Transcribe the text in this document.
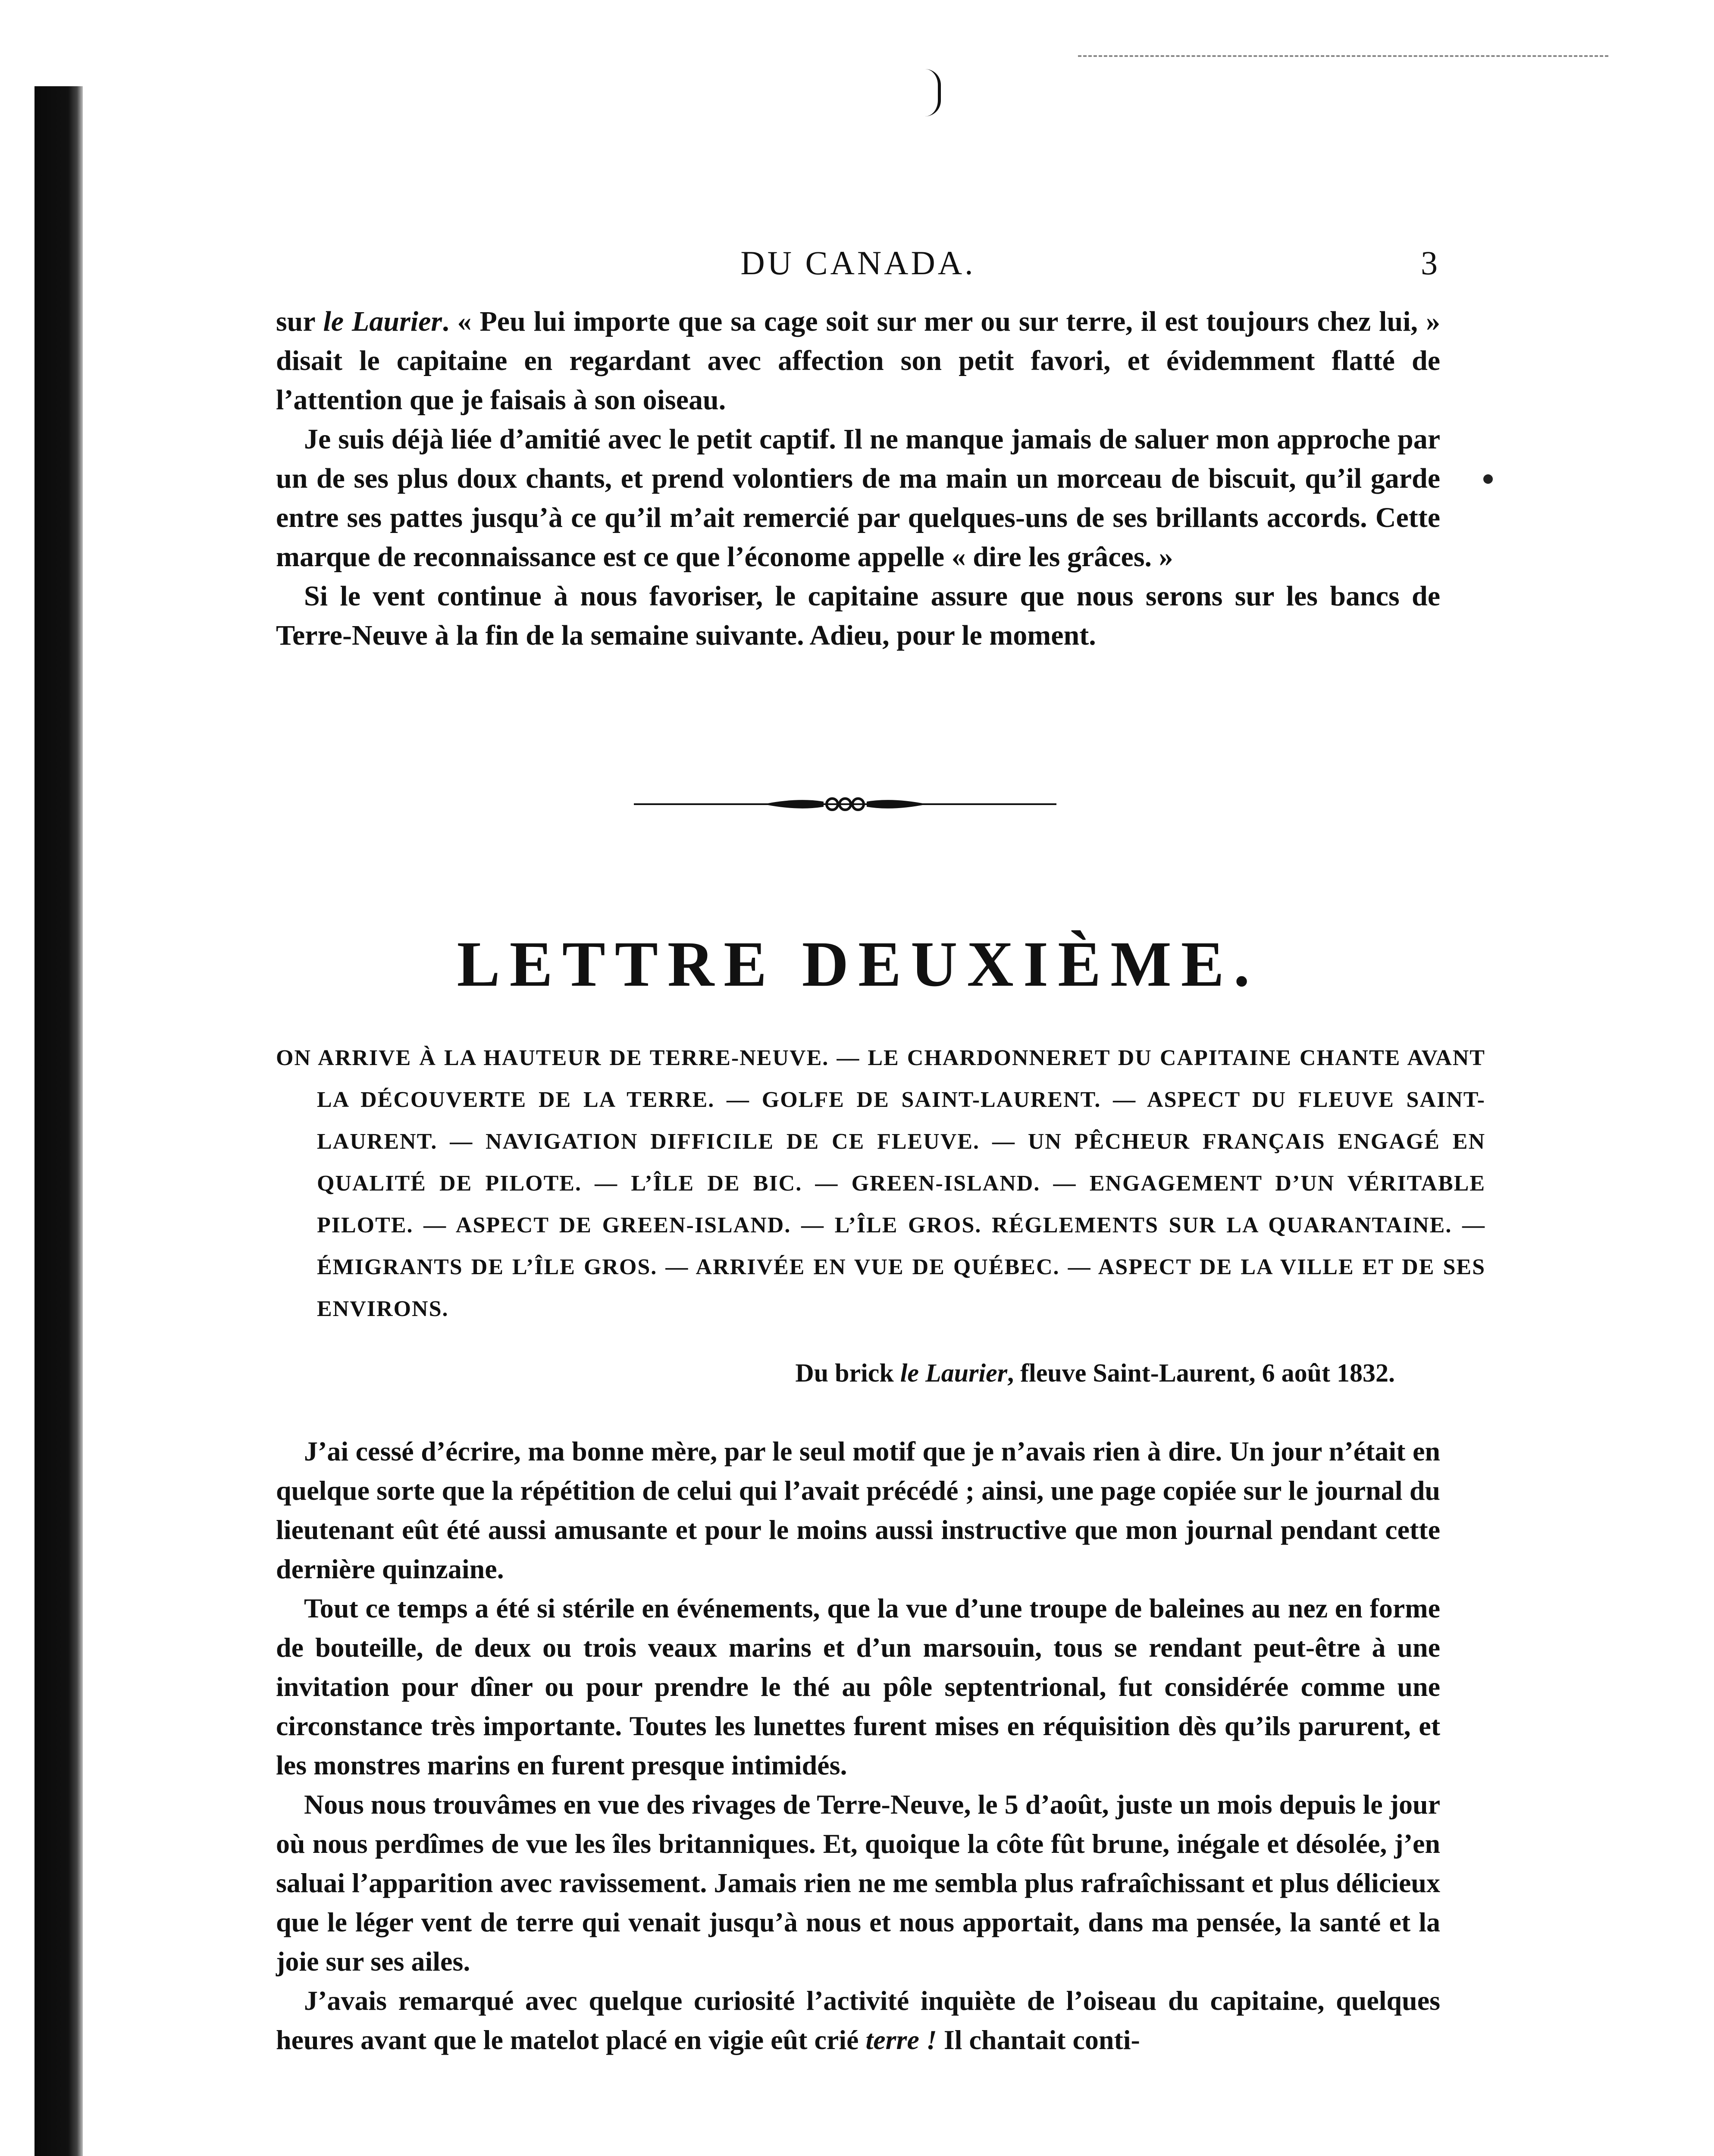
DU CANADA.	3

sur le Laurier. « Peu lui importe que sa cage soit sur mer ou sur terre, il est toujours chez lui, » disait le capitaine en regardant avec affection son petit favori, et évidemment flatté de l’attention que je faisais à son oiseau.

Je suis déjà liée d’amitié avec le petit captif. Il ne manque jamais de saluer mon approche par un de ses plus doux chants, et prend volontiers de ma main un morceau de biscuit, qu’il garde entre ses pattes jusqu’à ce qu’il m’ait remercié par quelques-uns de ses brillants accords. Cette marque de reconnaissance est ce que l’économe appelle « dire les grâces. »

Si le vent continue à nous favoriser, le capitaine assure que nous serons sur les bancs de Terre-Neuve à la fin de la semaine suivante. Adieu, pour le moment.

LETTRE DEUXIÈME.
ON ARRIVE À LA HAUTEUR DE TERRE-NEUVE. — LE CHARDONNERET DU CAPITAINE CHANTE AVANT LA DÉCOUVERTE DE LA TERRE. — GOLFE DE SAINT-LAURENT. — ASPECT DU FLEUVE SAINT-LAURENT. — NAVIGATION DIFFICILE DE CE FLEUVE. — UN PÊCHEUR FRANÇAIS ENGAGÉ EN QUALITÉ DE PILOTE. — L’ÎLE DE BIC. — GREEN-ISLAND. — ENGAGEMENT D’UN VÉRITABLE PILOTE. — ASPECT DE GREEN-ISLAND. — L’ÎLE GROS. RÉGLEMENTS SUR LA QUARANTAINE. — ÉMIGRANTS DE L’ÎLE GROS. — ARRIVÉE EN VUE DE QUÉBEC. — ASPECT DE LA VILLE ET DE SES ENVIRONS.
Du brick le Laurier, fleuve Saint-Laurent, 6 août 1832.

J’ai cessé d’écrire, ma bonne mère, par le seul motif que je n’avais rien à dire. Un jour n’était en quelque sorte que la répétition de celui qui l’avait précédé ; ainsi, une page copiée sur le journal du lieutenant eût été aussi amusante et pour le moins aussi instructive que mon journal pendant cette dernière quinzaine.

Tout ce temps a été si stérile en événements, que la vue d’une troupe de baleines au nez en forme de bouteille, de deux ou trois veaux marins et d’un marsouin, tous se rendant peut-être à une invitation pour dîner ou pour prendre le thé au pôle septentrional, fut considérée comme une circonstance très importante. Toutes les lunettes furent mises en réquisition dès qu’ils parurent, et les monstres marins en furent presque intimidés.

Nous nous trouvâmes en vue des rivages de Terre-Neuve, le 5 d’août, juste un mois depuis le jour où nous perdîmes de vue les îles britanniques. Et, quoique la côte fût brune, inégale et désolée, j’en saluai l’apparition avec ravissement. Jamais rien ne me sembla plus rafraîchissant et plus délicieux que le léger vent de terre qui venait jusqu’à nous et nous apportait, dans ma pensée, la santé et la joie sur ses ailes.

J’avais remarqué avec quelque curiosité l’activité inquiète de l’oiseau du capitaine, quelques heures avant que le matelot placé en vigie eût crié terre ! Il chantait conti-
